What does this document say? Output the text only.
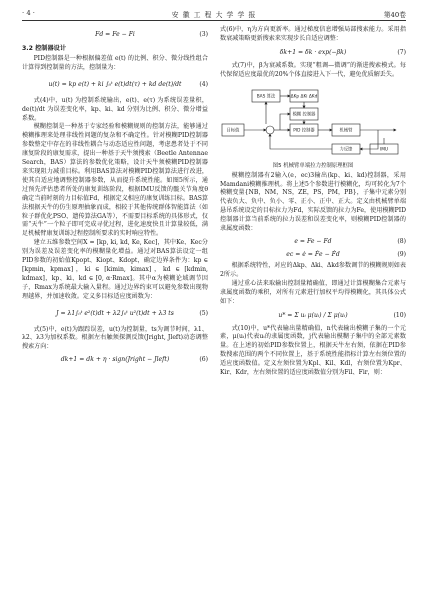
· 4 ·	安 徽 工 程 大 学 学 报	第40卷
Fd = Fe − Fi	(3)
3.2 控制器设计

PID控制器是一种根据偏差值 e(t) 的比例、积分、微分线性组合计算得到控制量的方法，控制量为：

u(t) = kp e(t) + ki ∫₀ᵗ e(t)dt(τ) + kd de(t)/dt	(4)

式(4)中，u(t) 为控制系统输出，e(t)、e(τ) 为系统误差量积，de(t)/dt 为误差变化率，kp、ki、kd 分别为比例、积分、微分增益系数。

模糊控制是一种基于专家经验和模糊规则的控制方法，能够通过模糊推理来处理非线性问题的复杂和不确定性。针对模糊PID控制器参数整定中存在的非线性耦合与动态适应性问题，考虑患者处于不同康复阶段的康复需求，提出一种基于天牛须搜索（Beetle Antennae Search，BAS）算法的参数优化策略，设计天牛须模糊PID控制器来实现阻力减重目标。利用BAS算法对模糊PID控制算法进行改进，使其自适应地调整控制器参数，从而提升系统性能。如图5所示，通过预先评估患者所处的康复训练阶段，根据IMU反馈的髋关节角度θ确定当前时刻的力目标值Fd，根据定义相应的康复训练目标。BAS算法根据天牛的仿生原理抽象而成，相较于其他传统群体智能算法（如粒子群优化PSO、遗传算法GA等），不需要目标系统的具体形式，仅需“天牛”一个粒子即可完成寻优过程，进化速度快且计算量较低，满足机械臂康复训练过程控制所要求的实时响应特性。

建立五维参数空间X = [kp, ki, kd, Ke, Kec]，其中Ke、Kec分别为误差及误差变化率的模糊量化增益。通过对BAS算法设定一组PID参数的初始值Kpopt、Kiopt、Kdopt，确定边界条件为：kp ∈ [kpmin, kpmax]，ki ∈ [kimin, kimax]，kd ∈ [kdmin, kdmax]，kp、ki、kd ∈ [0, α·Rmax]。其中α为模糊论域调节因子，Rmax为系统最大输入量程。通过边界约束可以避免参数出现物理越界，并加速收敛。定义多目标适应度函数为：

J = λ1∫₀ᵗ e²(t)dt + λ2∫₀ᵗ u²(t)dt + λ3 ts	(5)

式(5)中，e(t)为跟踪误差，u(t)为控制量，ts为调节时间，λ1、λ2、λ3为加权系数。根据左右触须探测反馈(Jright, Jleft)动态调整搜索方向：

dk+1 = dk + η · sign(Jright − Jleft)	(6)

式(6)中，η为方向更新率。通过梯度信息增强局部搜索能力。采用指数衰减策略更新搜索来实现步长自适应调整：

δk+1 = δk · exp(−βk)	(7)

式(7)中，β为衰减系数。实现“粗调—微调”的渐进搜索模式。每代保留适应度最优的20%个体直接进入下一代，避免优质解丢失。

目标值
BAS 算法	ΔKp ΔKi ΔKd
模糊 控制器
PID 控制器	机械臂
力反馈	IMU
图5 机械臂单端拉力控制原理框图

模糊控制器有2输入(e，ec)3输出(kp、ki、kd)控制器，采用Mamdani模糊推理机。将上述5个参数进行模糊化，均可转化为7个模糊变量{NB，NM，NS，ZE，PS，PM，PB}，子集中元素分别代表负大、负中、负小、零、正小、正中、正大。定义由机械臂单端悬吊系统设定的目标拉力为Fd，实际反馈的拉力为Fe，使用模糊PID控制器计算当前系统的拉力误差和误差变化率，则模糊PID控制器的隶属度函数：

e = Fe − Fd	(8)
ec = ė = Ḟe − Ḟd	(9)

根据系统特性，对应的Δkp、Δki、Δkd参数调节的模糊规则如表2所示。

通过重心法来取输出控制量精确值，即通过计算模糊集合元素与隶属度函数的乘积，对所有元素进行加权平均得模糊化，其具体公式如下：

u* = Σ uᵢ μ(uᵢ) / Σ μ(uᵢ)	(10)

式(10)中，u*代表输出量精确值，n代表输出模糊子集的一个元素，μ(uᵢ)代表uᵢ的隶属度函数，j代表输出模糊子集中的全部元素数量。在上述的初始PID参数位置上，根据天牛左右须，依据在PID参数搜索范围的两个不同位置上，基于系统性能指标计算左右须位置的适应度函数值。定义左须位置为Kpl、Kil、Kdl，右须位置为Kpr、Kir、Kdr，左右须位置的适应度函数值分别为Fil、Fir，则：
